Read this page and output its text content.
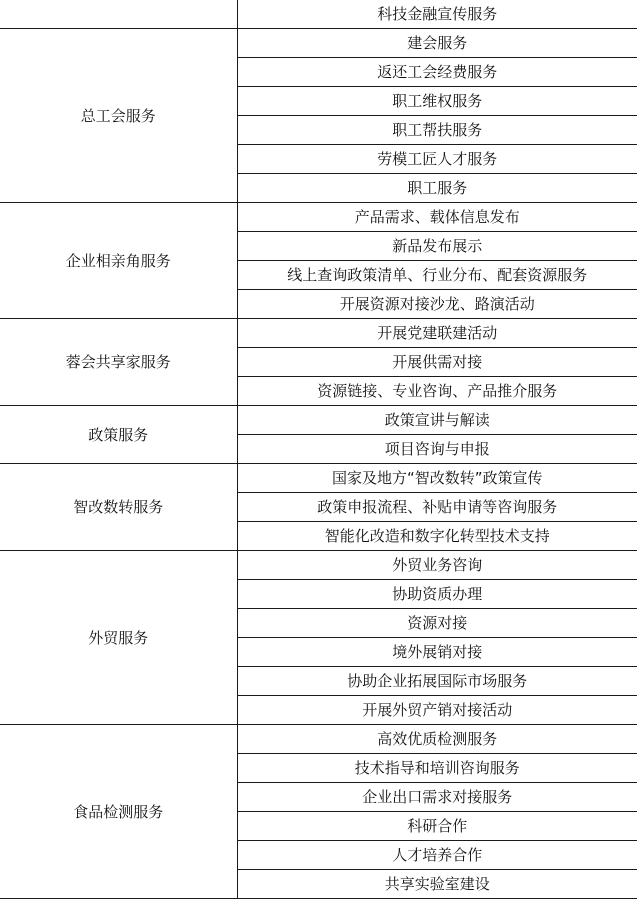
	科技金融宣传服务
总工会服务	建会服务
	返还工会经费服务
	职工维权服务
	职工帮扶服务
	劳模工匠人才服务
	职工服务
企业相亲角服务	产品需求、载体信息发布
	新品发布展示
	线上查询政策清单、行业分布、配套资源服务
	开展资源对接沙龙、路演活动
蓉会共享家服务	开展党建联建活动
	开展供需对接
	资源链接、专业咨询、产品推介服务
政策服务	政策宣讲与解读
	项目咨询与申报
智改数转服务	国家及地方“智改数转”政策宣传
	政策申报流程、补贴申请等咨询服务
	智能化改造和数字化转型技术支持
外贸服务	外贸业务咨询
	协助资质办理
	资源对接
	境外展销对接
	协助企业拓展国际市场服务
	开展外贸产销对接活动
食品检测服务	高效优质检测服务
	技术指导和培训咨询服务
	企业出口需求对接服务
	科研合作
	人才培养合作
	共享实验室建设
